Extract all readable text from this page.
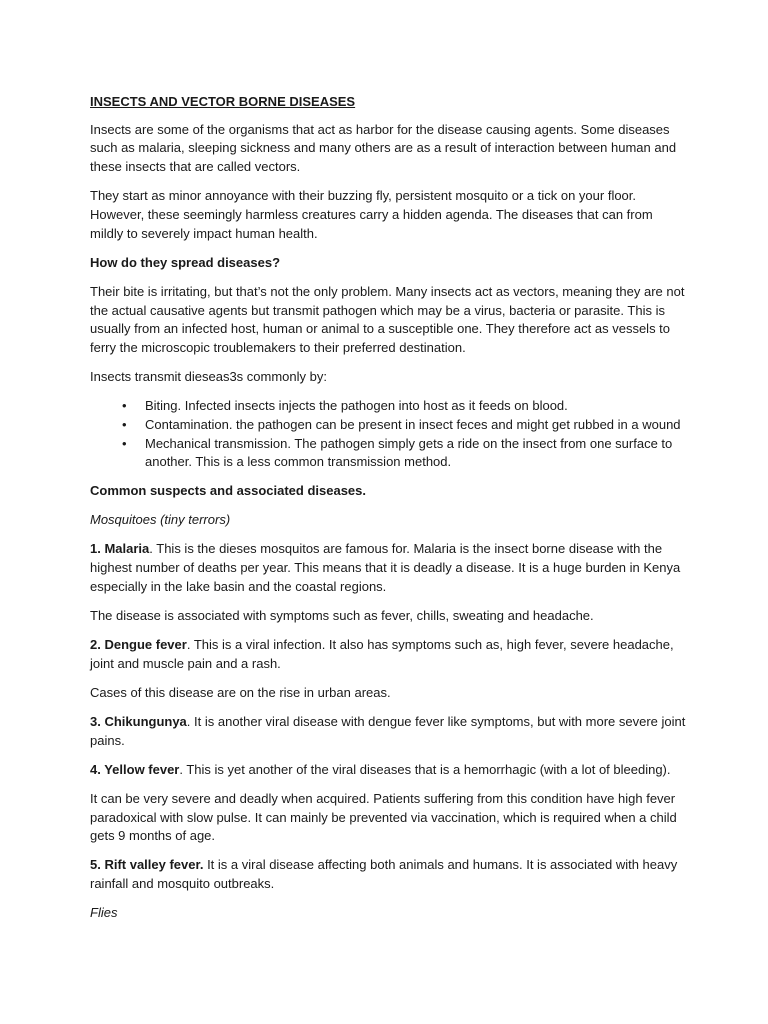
INSECTS AND VECTOR BORNE DISEASES

Insects are some of the organisms that act as harbor for the disease causing agents. Some diseases such as malaria, sleeping sickness and many others are as a result of interaction between human and these insects that are called vectors.

They start as minor annoyance with their buzzing fly, persistent mosquito or a tick on your floor. However, these seemingly harmless creatures carry a hidden agenda. The diseases that can from mildly to severely impact human health.

How do they spread diseases?

Their bite is irritating, but that’s not the only problem. Many insects act as vectors, meaning they are not the actual causative agents but transmit pathogen which may be a virus, bacteria or parasite. This is usually from an infected host, human or animal to a susceptible one. They therefore act as vessels to ferry the microscopic troublemakers to their preferred destination.

Insects transmit dieseas3s commonly by:

• Biting. Infected insects injects the pathogen into host as it feeds on blood.
• Contamination. the pathogen can be present in insect feces and might get rubbed in a wound
• Mechanical transmission. The pathogen simply gets a ride on the insect from one surface to another. This is a less common transmission method.

Common suspects and associated diseases.

Mosquitoes (tiny terrors)

1. Malaria. This is the dieses mosquitos are famous for. Malaria is the insect borne disease with the highest number of deaths per year. This means that it is deadly a disease. It is a huge burden in Kenya especially in the lake basin and the coastal regions.

The disease is associated with symptoms such as fever, chills, sweating and headache.

2. Dengue fever. This is a viral infection. It also has symptoms such as, high fever, severe headache, joint and muscle pain and a rash.

Cases of this disease are on the rise in urban areas.

3. Chikungunya. It is another viral disease with dengue fever like symptoms, but with more severe joint pains.

4. Yellow fever. This is yet another of the viral diseases that is a hemorrhagic (with a lot of bleeding).

It can be very severe and deadly when acquired. Patients suffering from this condition have high fever paradoxical with slow pulse. It can mainly be prevented via vaccination, which is required when a child gets 9 months of age.

5. Rift valley fever. It is a viral disease affecting both animals and humans. It is associated with heavy rainfall and mosquito outbreaks.

Flies
